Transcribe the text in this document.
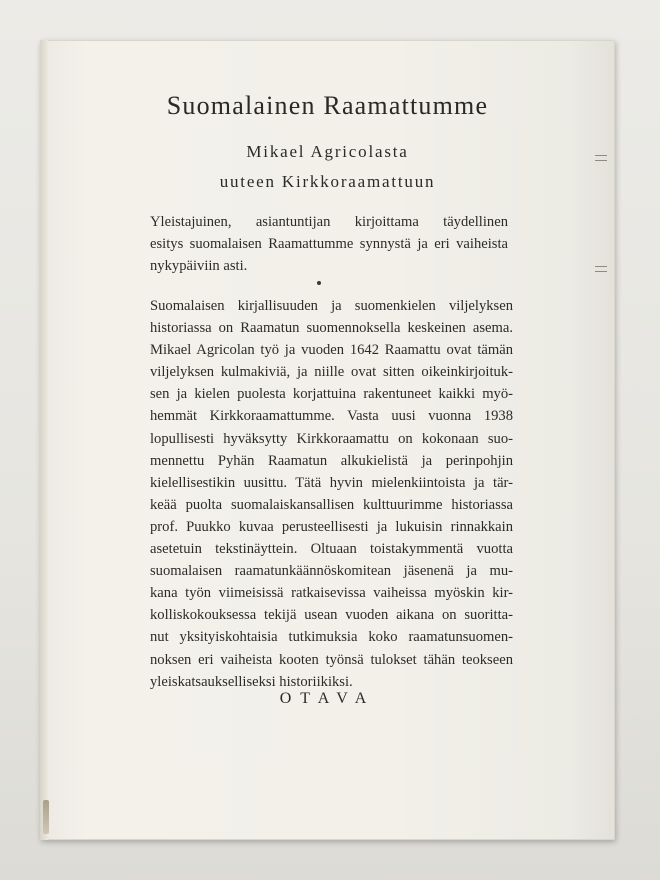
Suomalainen Raamattumme
Mikael Agricolasta
uuteen Kirkkoraamattuun
Yleistajuinen, asiantuntijan kirjoittama täydellinen
esitys suomalaisen Raamattumme synnystä ja eri vaiheista
nykypäiviin asti.
Suomalaisen kirjallisuuden ja suomenkielen viljelyksen
historiassa on Raamatun suomennoksella keskeinen asema.
Mikael Agricolan työ ja vuoden 1642 Raamattu ovat tämän
viljelyksen kulmakiviä, ja niille ovat sitten oikeinkirjoituk-
sen ja kielen puolesta korjattuina rakentuneet kaikki myö-
hemmät Kirkkoraamattumme. Vasta uusi vuonna 1938
lopullisesti hyväksytty Kirkkoraamattu on kokonaan suo-
mennettu Pyhän Raamatun alkukielistä ja perinpohjin
kielellisestikin uusittu. Tätä hyvin mielenkiintoista ja tär-
keää puolta suomalaiskansallisen kulttuurimme historiassa
prof. Puukko kuvaa perusteellisesti ja lukuisin rinnakkain
asetetuin tekstinäyttein. Oltuaan toistakymmentä vuotta
suomalaisen raamatunkäännöskomitean jäsenenä ja mu-
kana työn viimeisissä ratkaisevissa vaiheissa myöskin kir-
kolliskokouksessa tekijä usean vuoden aikana on suoritta-
nut yksityiskohtaisia tutkimuksia koko raamatunsuomen-
noksen eri vaiheista kooten työnsä tulokset tähän teokseen
yleiskatsaukselliseksi historiikiksi.
OTAVA
